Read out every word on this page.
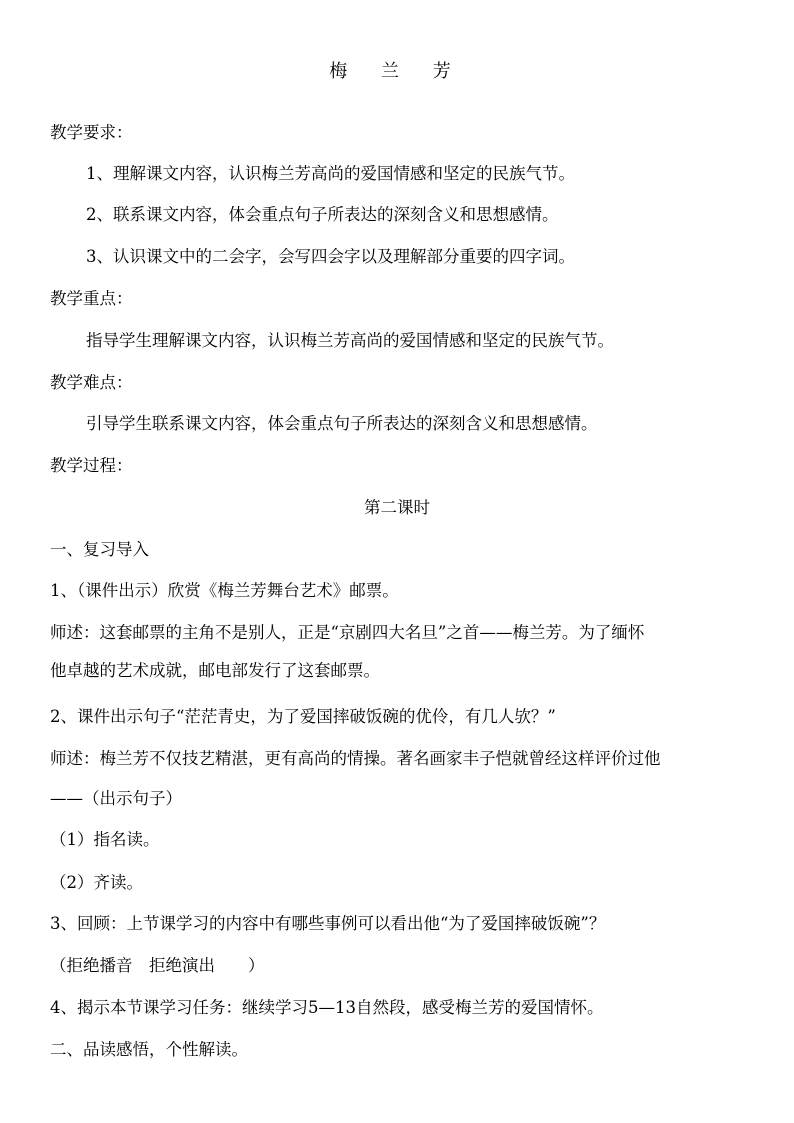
梅 兰 芳
教学要求：
1、理解课文内容，认识梅兰芳高尚的爱国情感和坚定的民族气节。
2、联系课文内容，体会重点句子所表达的深刻含义和思想感情。
3、认识课文中的二会字，会写四会字以及理解部分重要的四字词。
教学重点：
指导学生理解课文内容，认识梅兰芳高尚的爱国情感和坚定的民族气节。
教学难点：
引导学生联系课文内容，体会重点句子所表达的深刻含义和思想感情。
教学过程：
第二课时
一、复习导入
1、（课件出示）欣赏《梅兰芳舞台艺术》邮票。
师述：这套邮票的主角不是别人，正是“京剧四大名旦”之首——梅兰芳。为了缅怀
他卓越的艺术成就，邮电部发行了这套邮票。
2、课件出示句子“茫茫青史，为了爱国摔破饭碗的优伶，有几人欤？”
师述：梅兰芳不仅技艺精湛，更有高尚的情操。著名画家丰子恺就曾经这样评价过他
——（出示句子）
（1）指名读。
（2）齐读。
3、回顾：上节课学习的内容中有哪些事例可以看出他“为了爱国摔破饭碗”？
（拒绝播音　拒绝演出　　）
4、揭示本节课学习任务：继续学习5—13自然段，感受梅兰芳的爱国情怀。
二、品读感悟，个性解读。
